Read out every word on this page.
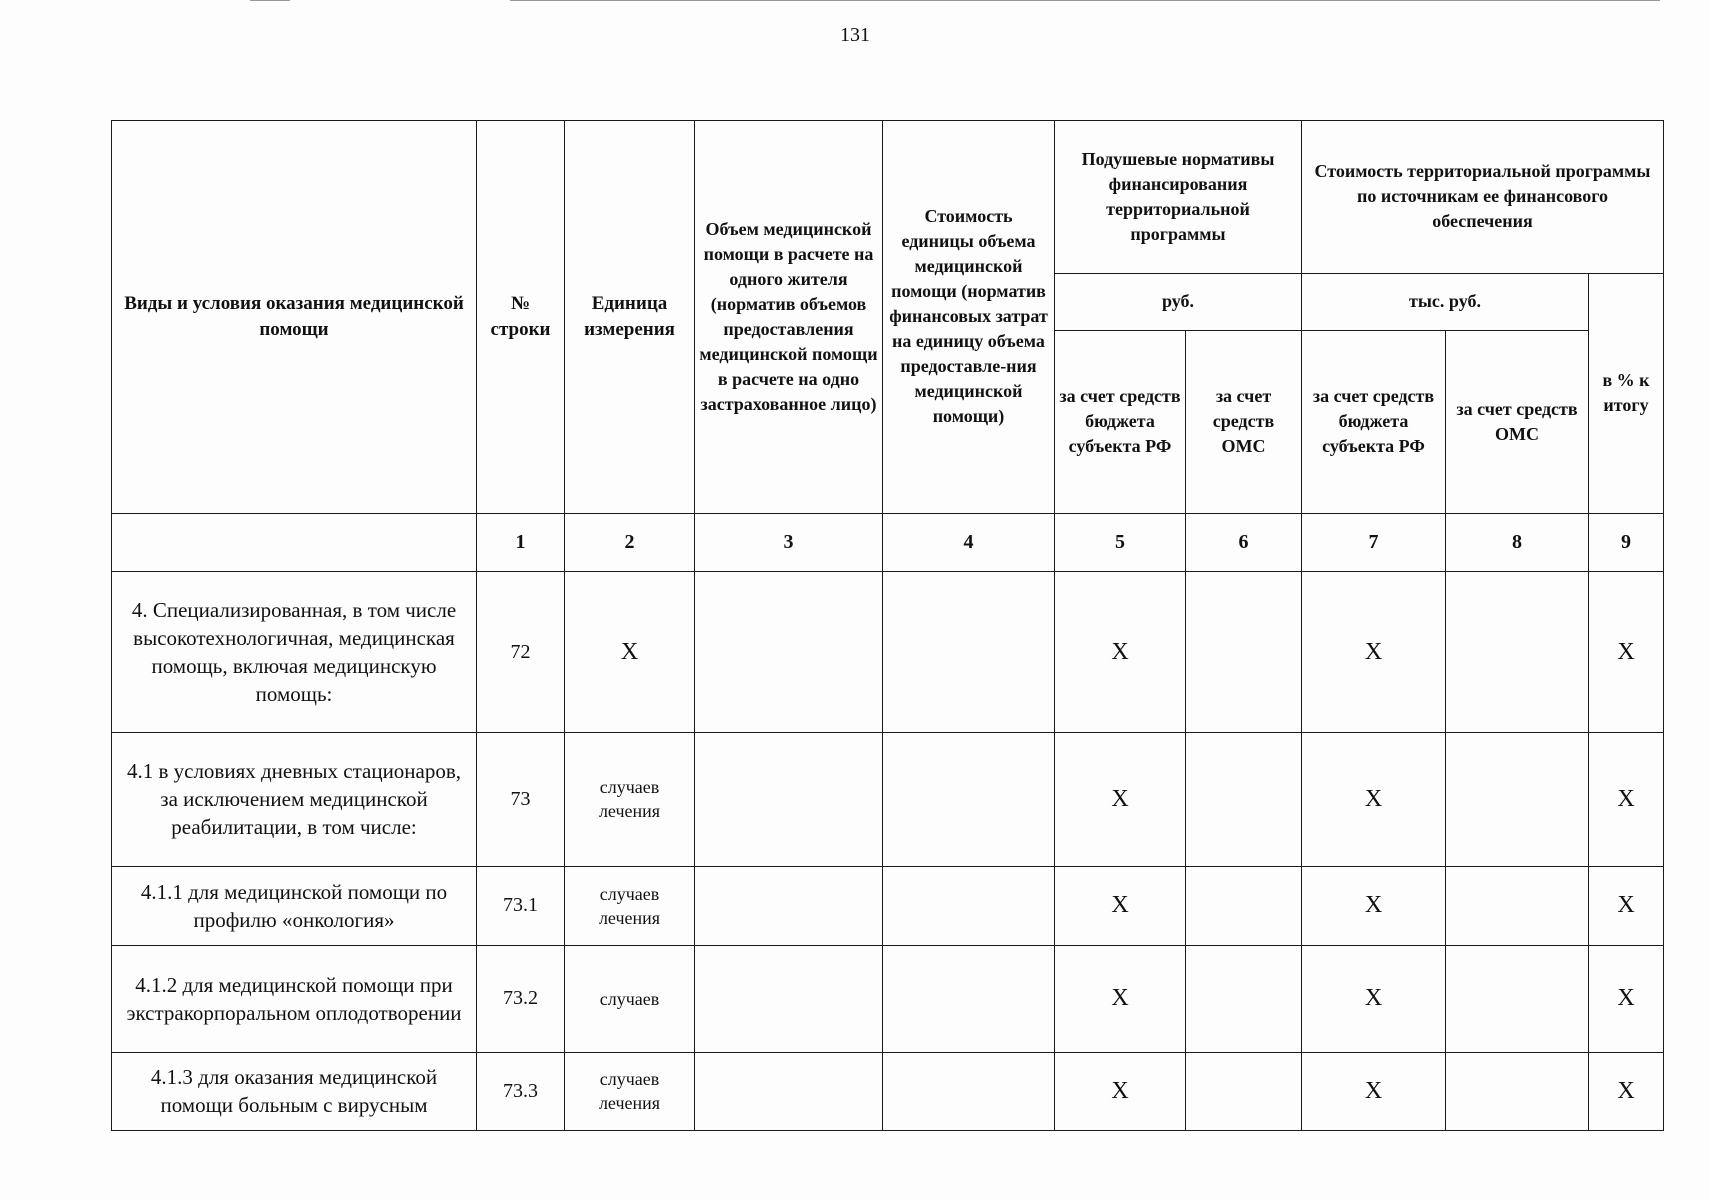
131
Виды и условия оказания медицинской помощи	№ строки	Единица измерения	Объем медицинской помощи в расчете на одного жителя (норматив объемов предоставления медицинской помощи в расчете на одно застрахованное лицо)	Стоимость единицы объема медицинской помощи (норматив финансовых затрат на единицу объема предоставле-ния медицинской помощи)	Подушевые нормативы финансирования территориальной программы		Стоимость территориальной программы по источникам ее финансового обеспечения		
					руб.		тыс. руб.		в % к итогу
					за счет средств бюджета субъекта РФ	за счет средств ОМС	за счет средств бюджета субъекта РФ	за счет средств ОМС	
	1	2	3	4	5	6	7	8	9
4. Специализированная, в том числе высокотехнологичная, медицинская помощь, включая медицинскую помощь:	72	X			X		X		X
4.1 в условиях дневных стационаров, за исключением медицинской реабилитации, в том числе:	73	случаев лечения			X		X		X
4.1.1 для медицинской помощи по профилю «онкология»	73.1	случаев лечения			X		X		X
4.1.2 для медицинской помощи при экстракорпоральном оплодотворении	73.2	случаев			X		X		X
4.1.3 для оказания медицинской помощи больным с вирусным	73.3	случаев лечения			X		X		X
